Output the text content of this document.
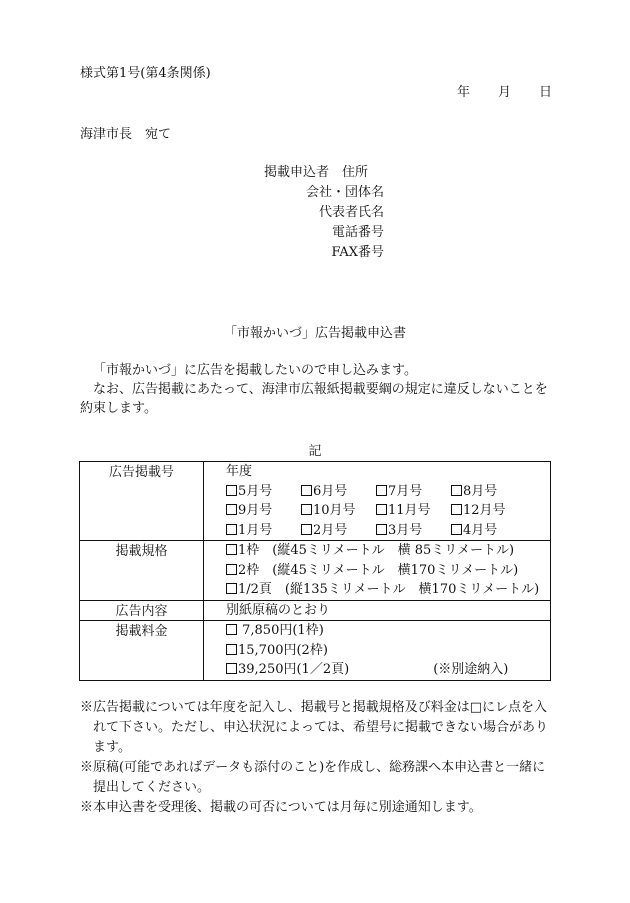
様式第1号(第4条関係)
年 月 日
海津市長　宛て
掲載申込者　 住所
会社・団体名
代表者氏名
電話番号
FAX番号
「市報かいづ」広告掲載申込書

「市報かいづ」に広告を掲載したいので申し込みます。

なお、広告掲載にあたって、海津市広報紙掲載要綱の規定に違反しないことを約束します。

記
広告掲載号	年度
5月号 6月号 7月号 8月号
9月号 10月号 11月号 12月号
1月号 2月号 3月号 4月号

掲載規格	1枠　(縦45ミリメートル　横 85ミリメートル)
2枠　(縦45ミリメートル　横170ミリメートル)
1/2頁　(縦135ミリメートル　横170ミリメートル)

広告内容	別紙原稿のとおり

掲載料金	7,850円(1枠)
15,700円(2枠)
39,250円(1／2頁) (※別途納入)
※広告掲載については年度を記入し、掲載号と掲載規格及び料金は□にレ点を入れて下さい。ただし、申込状況によっては、希望号に掲載できない場合があります。
※原稿(可能であればデータも添付のこと)を作成し、総務課へ本申込書と一緒に提出してください。
※本申込書を受理後、掲載の可否については月毎に別途通知します。
